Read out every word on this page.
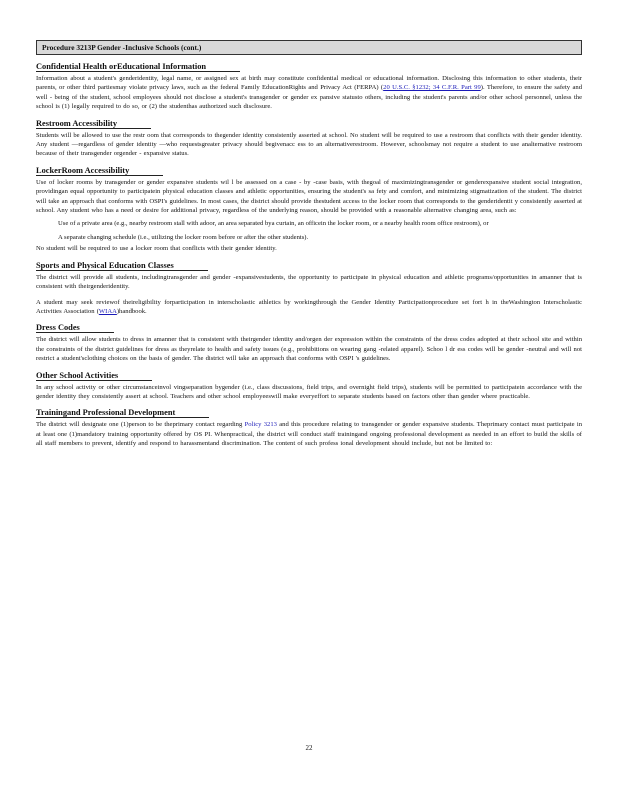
Procedure 3213P Gender -Inclusive Schools (cont.)
Confidential Health orEducational Information

Information about a student's genderidentity, legal name, or assigned sex at birth may constitute confidential medical or educational information. Disclosing this information to other students, their parents, or other third partiesmay violate privacy laws, such as the federal Family EducationRights and Privacy Act (FERPA) (20 U.S.C. §1232; 34 C.F.R. Part 99). Therefore, to ensure the safety and well - being of the student, school employees should not disclose a student's transgender or gender ex pansive statusto others, including the student's parents and/or other school personnel, unless the school is (1) legally required to do so, or (2) the studenthas authorized such disclosure.

Restroom Accessibility

Students will be allowed to use the restr oom that corresponds to thegender identity consistently asserted at school. No student will be required to use a restroom that conflicts with their gender identity. Any student —regardless of gender identity —who requestsgreater privacy should begivenacc ess to an alternativerestroom. However, schoolsmay not require a student to use analternative restroom because of their transgender orgender - expansive status.

LockerRoom Accessibility

Use of locker rooms by transgender or gender expansive students wil l be assessed on a case - by -case basis, with thegoal of maximizingtransgender or genderexpansive student social integration, providingan equal opportunity to participatein physical education classes and athletic opportunities, ensuring the student's sa fety and comfort, and minimizing stigmatization of the student. The district will take an approach that conforms with OSPI's guidelines. In most cases, the district should provide thestudent access to the locker room that corresponds to the genderidentit y consistently asserted at school. Any student who has a need or desire for additional privacy, regardless of the underlying reason, should be provided with a reasonable alternative changing area, such as:

Use of a private area (e.g., nearby restroom stall with adoor, an area separated bya curtain, an officein the locker room, or a nearby health room office restroom), or
A separate changing schedule (i.e., utilizing the locker room before or after the other students).

No student will be required to use a locker room that conflicts with their gender identity.

Sports and Physical Education Classes

The district will provide all students, includingtransgender and gender -expansivestudents, the opportunity to participate in physical education and athletic programs/opportunities in amanner that is consistent with theirgenderidentity.

A student may seek reviewof theireligibility forparticipation in interscholastic athletics by workingthrough the Gender Identity Participationprocedure set fort h in theWashington Interscholastic Activities Association (WIAA)handbook.

Dress Codes

The district will allow students to dress in amanner that is consistent with theirgender identity and/orgen der expression within the constraints of the dress codes adopted at their school site and within the constraints of the district guidelines for dress as theyrelate to health and safety issues (e.g., prohibitions on wearing gang -related apparel). Schoo l dr ess codes will be gender -neutral and will not restrict a student'sclothing choices on the basis of gender. The district will take an approach that conforms with OSPI 's guidelines.

Other School Activities

In any school activity or other circumstanceinvol vingseparation bygender (i.e., class discussions, field trips, and overnight field trips), students will be permitted to participatein accordance with the gender identity they consistently assert at school. Teachers and other school employeeswill make everyeffort to separate students based on factors other than gender where practicable.

Trainingand Professional Development

The district will designate one (1)person to be theprimary contact regarding Policy 3213 and this procedure relating to transgender or gender expansive students. Theprimary contact must participate in at least one (1)mandatory training opportunity offered by OS PI. Whenpractical, the district will conduct staff trainingand ongoing professional development as needed in an effort to build the skills of all staff members to prevent, identify and respond to harassmentand discrimination. The content of such profess ional development should include, but not be limited to:

22
